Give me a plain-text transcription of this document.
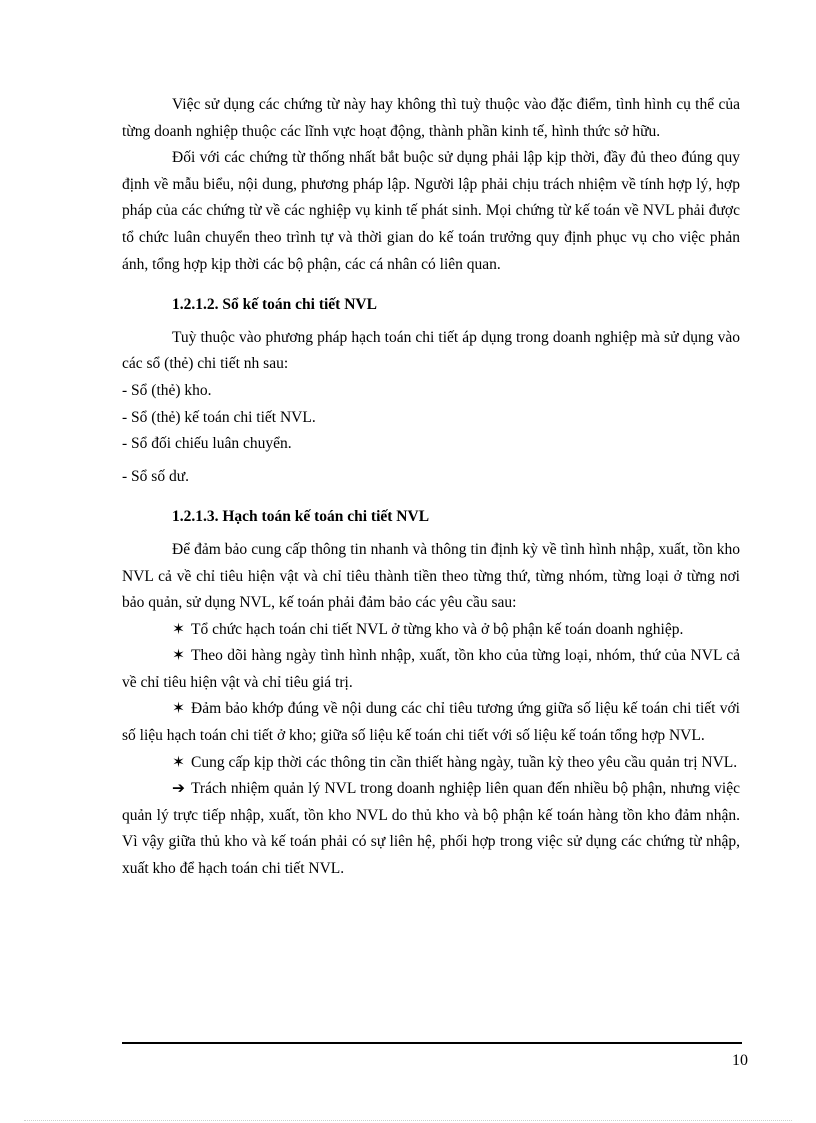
Việc sử dụng các chứng từ này hay không thì tuỳ thuộc vào đặc điểm, tình hình cụ thể của từng doanh nghiệp thuộc các lĩnh vực hoạt động, thành phần kinh tế, hình thức sở hữu.

Đối với các chứng từ thống nhất bắt buộc sử dụng phải lập kịp thời, đầy đủ theo đúng quy định về mẫu biểu, nội dung, phương pháp lập. Người lập phải chịu trách nhiệm về tính hợp lý, hợp pháp của các chứng từ về các nghiệp vụ kinh tế phát sinh. Mọi chứng từ kế toán về NVL phải được tổ chức luân chuyển theo trình tự và thời gian do kế toán trưởng quy định phục vụ cho việc phản ánh, tổng hợp kịp thời các bộ phận, các cá nhân có liên quan.

1.2.1.2. Sổ kế toán chi tiết NVL

Tuỳ thuộc vào phương pháp hạch toán chi tiết áp dụng trong doanh nghiệp mà sử dụng vào các sổ (thẻ) chi tiết nh sau:

- Sổ (thẻ) kho.

- Sổ (thẻ) kế toán chi tiết NVL.

- Sổ đối chiếu luân chuyển.

- Sổ số dư.

1.2.1.3. Hạch toán kế toán chi tiết NVL

Để đảm bảo cung cấp thông tin nhanh và thông tin định kỳ về tình hình nhập, xuất, tồn kho NVL cả về chỉ tiêu hiện vật và chỉ tiêu thành tiền theo từng thứ, từng nhóm, từng loại ở từng nơi bảo quản, sử dụng NVL, kế toán phải đảm bảo các yêu cầu sau:

✶ Tổ chức hạch toán chi tiết NVL ở từng kho và ở bộ phận kế toán doanh nghiệp.

✶ Theo dõi hàng ngày tình hình nhập, xuất, tồn kho của từng loại, nhóm, thứ của NVL cả về chỉ tiêu hiện vật và chỉ tiêu giá trị.

✶ Đảm bảo khớp đúng về nội dung các chỉ tiêu tương ứng giữa số liệu kế toán chi tiết với số liệu hạch toán chi tiết ở kho; giữa số liệu kế toán chi tiết với số liệu kế toán tổng hợp NVL.

✶ Cung cấp kịp thời các thông tin cần thiết hàng ngày, tuần kỳ theo yêu cầu quản trị NVL.

➔ Trách nhiệm quản lý NVL trong doanh nghiệp liên quan đến nhiều bộ phận, nhưng việc quản lý trực tiếp nhập, xuất, tồn kho NVL do thủ kho và bộ phận kế toán hàng tồn kho đảm nhận. Vì vậy giữa thủ kho và kế toán phải có sự liên hệ, phối hợp trong việc sử dụng các chứng từ nhập, xuất kho để hạch toán chi tiết NVL.

10
